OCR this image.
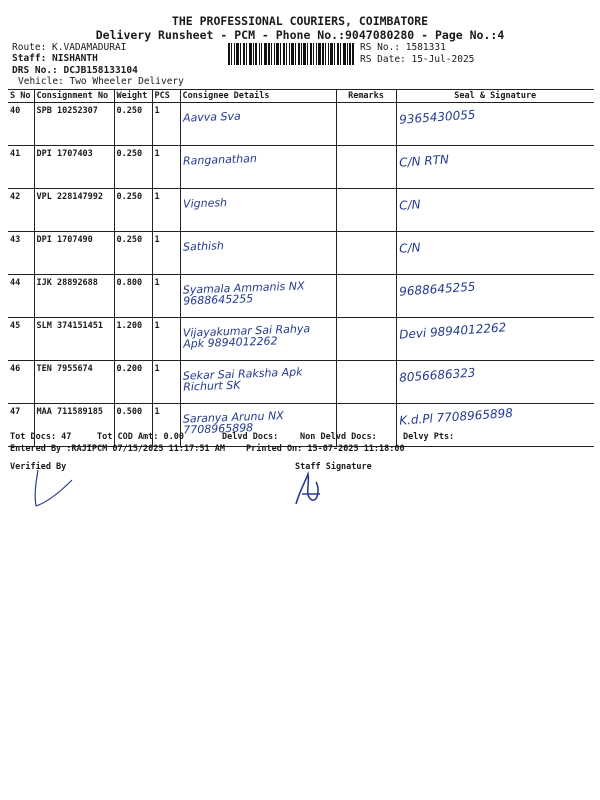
THE PROFESSIONAL COURIERS, COIMBATORE
Delivery Runsheet - PCM - Phone No.:9047080280 - Page No.:4
Route: K.VADAMADURAI
Staff: NISHANTH
DRS No.: DCJB158133104
Vehicle: Two Wheeler Delivery
RS No.: 1581331
RS Date: 15-Jul-2025
S No	Consignment No	Weight	PCS	Consignee Details	Remarks	Seal & Signature
40	SPB 10252307	0.250	1	Aavva Sva		9365430055

41	DPI 1707403	0.250	1	Ranganathan		C/N RTN

42	VPL 228147992	0.250	1	Vignesh		C/N

43	DPI 1707490	0.250	1	Sathish		C/N

44	IJK 28892688	0.800	1	Syamala Ammanis NX 9688645255		9688645255

45	SLM 374151451	1.200	1	Vijayakumar Sai Rahya Apk 9894012262		Devi 9894012262

46	TEN 7955674	0.200	1	Sekar Sai Raksha Apk Richurt SK		8056686323

47	MAA 711589185	0.500	1	Saranya Arunu NX 7708965898		K.d.Pl 7708965898
Tot Docs: 47	Tot COD Amt: 0.00	Delvd Docs:	Non Delvd Docs:	Delvy Pts:
Entered By :RAJIPCM 07/15/2025 11:17:51 AM Printed On: 15-07-2025 11:18:00
Verified By	Staff Signature
